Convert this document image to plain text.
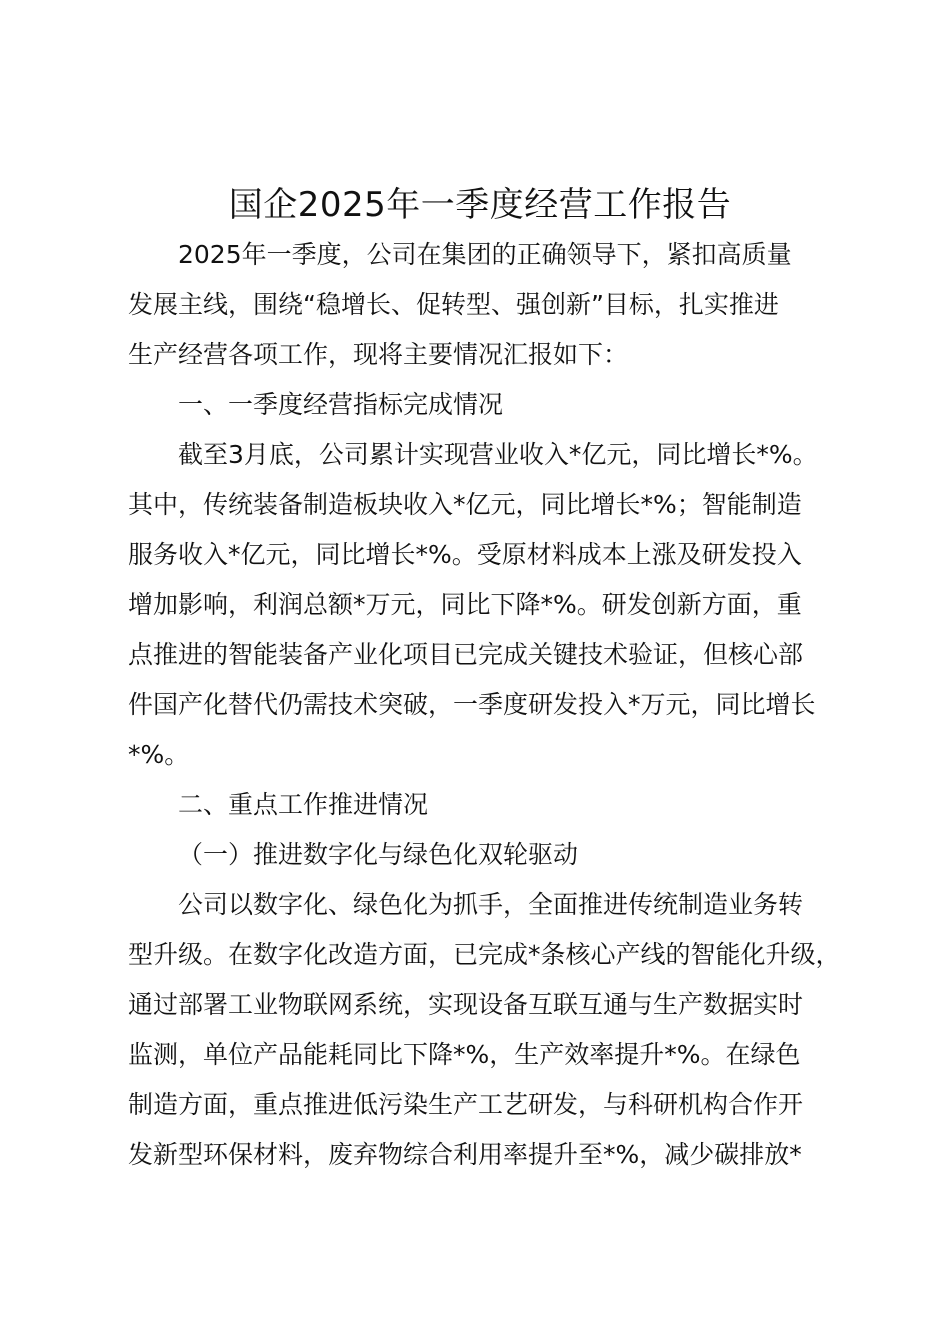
国企2025年一季度经营工作报告
2025年一季度，公司在集团的正确领导下，紧扣高质量
发展主线，围绕“稳增长、促转型、强创新”目标，扎实推进
生产经营各项工作，现将主要情况汇报如下：
一、一季度经营指标完成情况
截至3月底，公司累计实现营业收入*亿元，同比增长*%。
其中，传统装备制造板块收入*亿元，同比增长*%；智能制造
服务收入*亿元，同比增长*%。受原材料成本上涨及研发投入
增加影响，利润总额*万元，同比下降*%。研发创新方面，重
点推进的智能装备产业化项目已完成关键技术验证，但核心部
件国产化替代仍需技术突破，一季度研发投入*万元，同比增长
*%。
二、重点工作推进情况
（一）推进数字化与绿色化双轮驱动
公司以数字化、绿色化为抓手，全面推进传统制造业务转
型升级。在数字化改造方面，已完成*条核心产线的智能化升级，
通过部署工业物联网系统，实现设备互联互通与生产数据实时
监测，单位产品能耗同比下降*%，生产效率提升*%。在绿色
制造方面，重点推进低污染生产工艺研发，与科研机构合作开
发新型环保材料，废弃物综合利用率提升至*%，减少碳排放*
